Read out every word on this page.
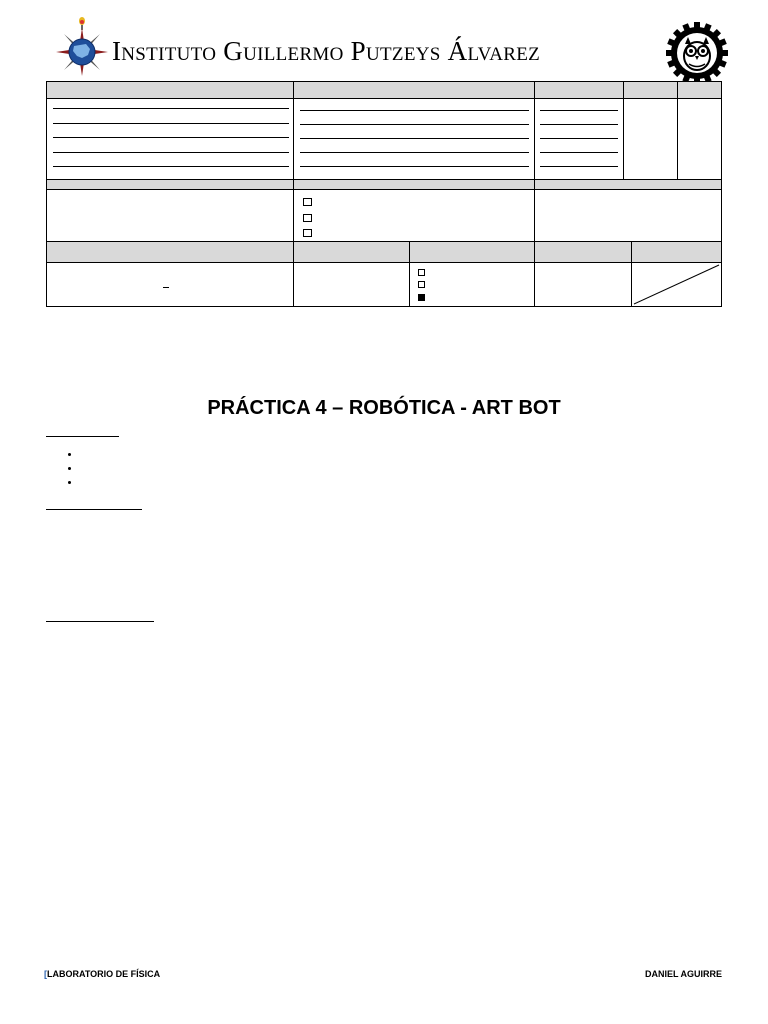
Instituto Guillermo Putzeys Álvarez
PRÁCTICA 4 – ROBÓTICA - ART BOT
[LABORATORIO DE FÍSICA	DANIEL AGUIRRE
